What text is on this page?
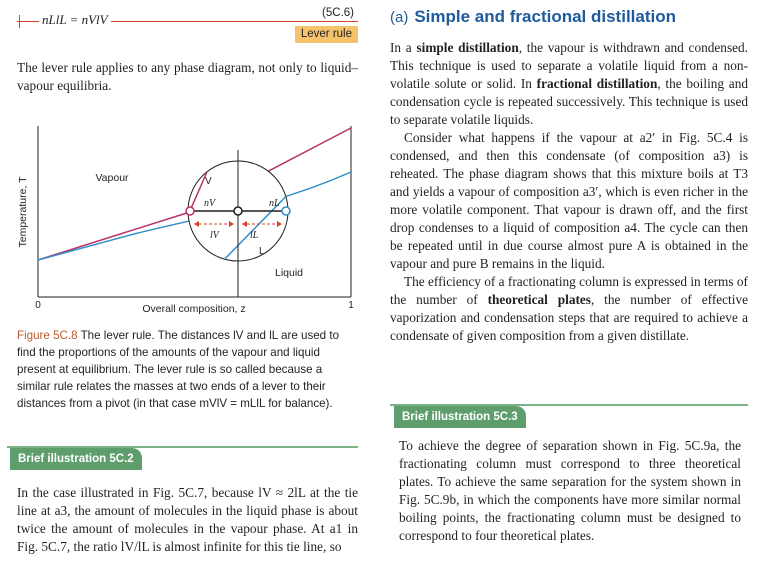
nLlL = nVlV	(5C.6)
Lever rule

The lever rule applies to any phase diagram, not only to liquid–vapour equilibria.

Temperature, T
Overall composition, z
0	1
Vapour
Liquid
V
L
nV	nL
lV	lL

Figure 5C.8 The lever rule. The distances lV and lL are used to find the proportions of the amounts of the vapour and liquid present at equilibrium. The lever rule is so called because a similar rule relates the masses at two ends of a lever to their distances from a pivot (in that case mVlV = mLlL for balance).

Brief illustration 5C.2

In the case illustrated in Fig. 5C.7, because lV ≈ 2lL at the tie line at a3, the amount of molecules in the liquid phase is about twice the amount of molecules in the vapour phase. At a1 in Fig. 5C.7, the ratio lV/lL is almost infinite for this tie line, so

(a) Simple and fractional distillation

In a simple distillation, the vapour is withdrawn and condensed. This technique is used to separate a volatile liquid from a non-volatile solute or solid. In fractional distillation, the boiling and condensation cycle is repeated successively. This technique is used to separate volatile liquids.

Consider what happens if the vapour at a2′ in Fig. 5C.4 is condensed, and then this condensate (of composition a3) is reheated. The phase diagram shows that this mixture boils at T3 and yields a vapour of composition a3′, which is even richer in the more volatile component. That vapour is drawn off, and the first drop condenses to a liquid of composition a4. The cycle can then be repeated until in due course almost pure A is obtained in the vapour and pure B remains in the liquid.

The efficiency of a fractionating column is expressed in terms of the number of theoretical plates, the number of effective vaporization and condensation steps that are required to achieve a condensate of given composition from a given distillate.

Brief illustration 5C.3

To achieve the degree of separation shown in Fig. 5C.9a, the fractionating column must correspond to three theoretical plates. To achieve the same separation for the system shown in Fig. 5C.9b, in which the components have more similar normal boiling points, the fractionating column must be designed to correspond to four theoretical plates.
